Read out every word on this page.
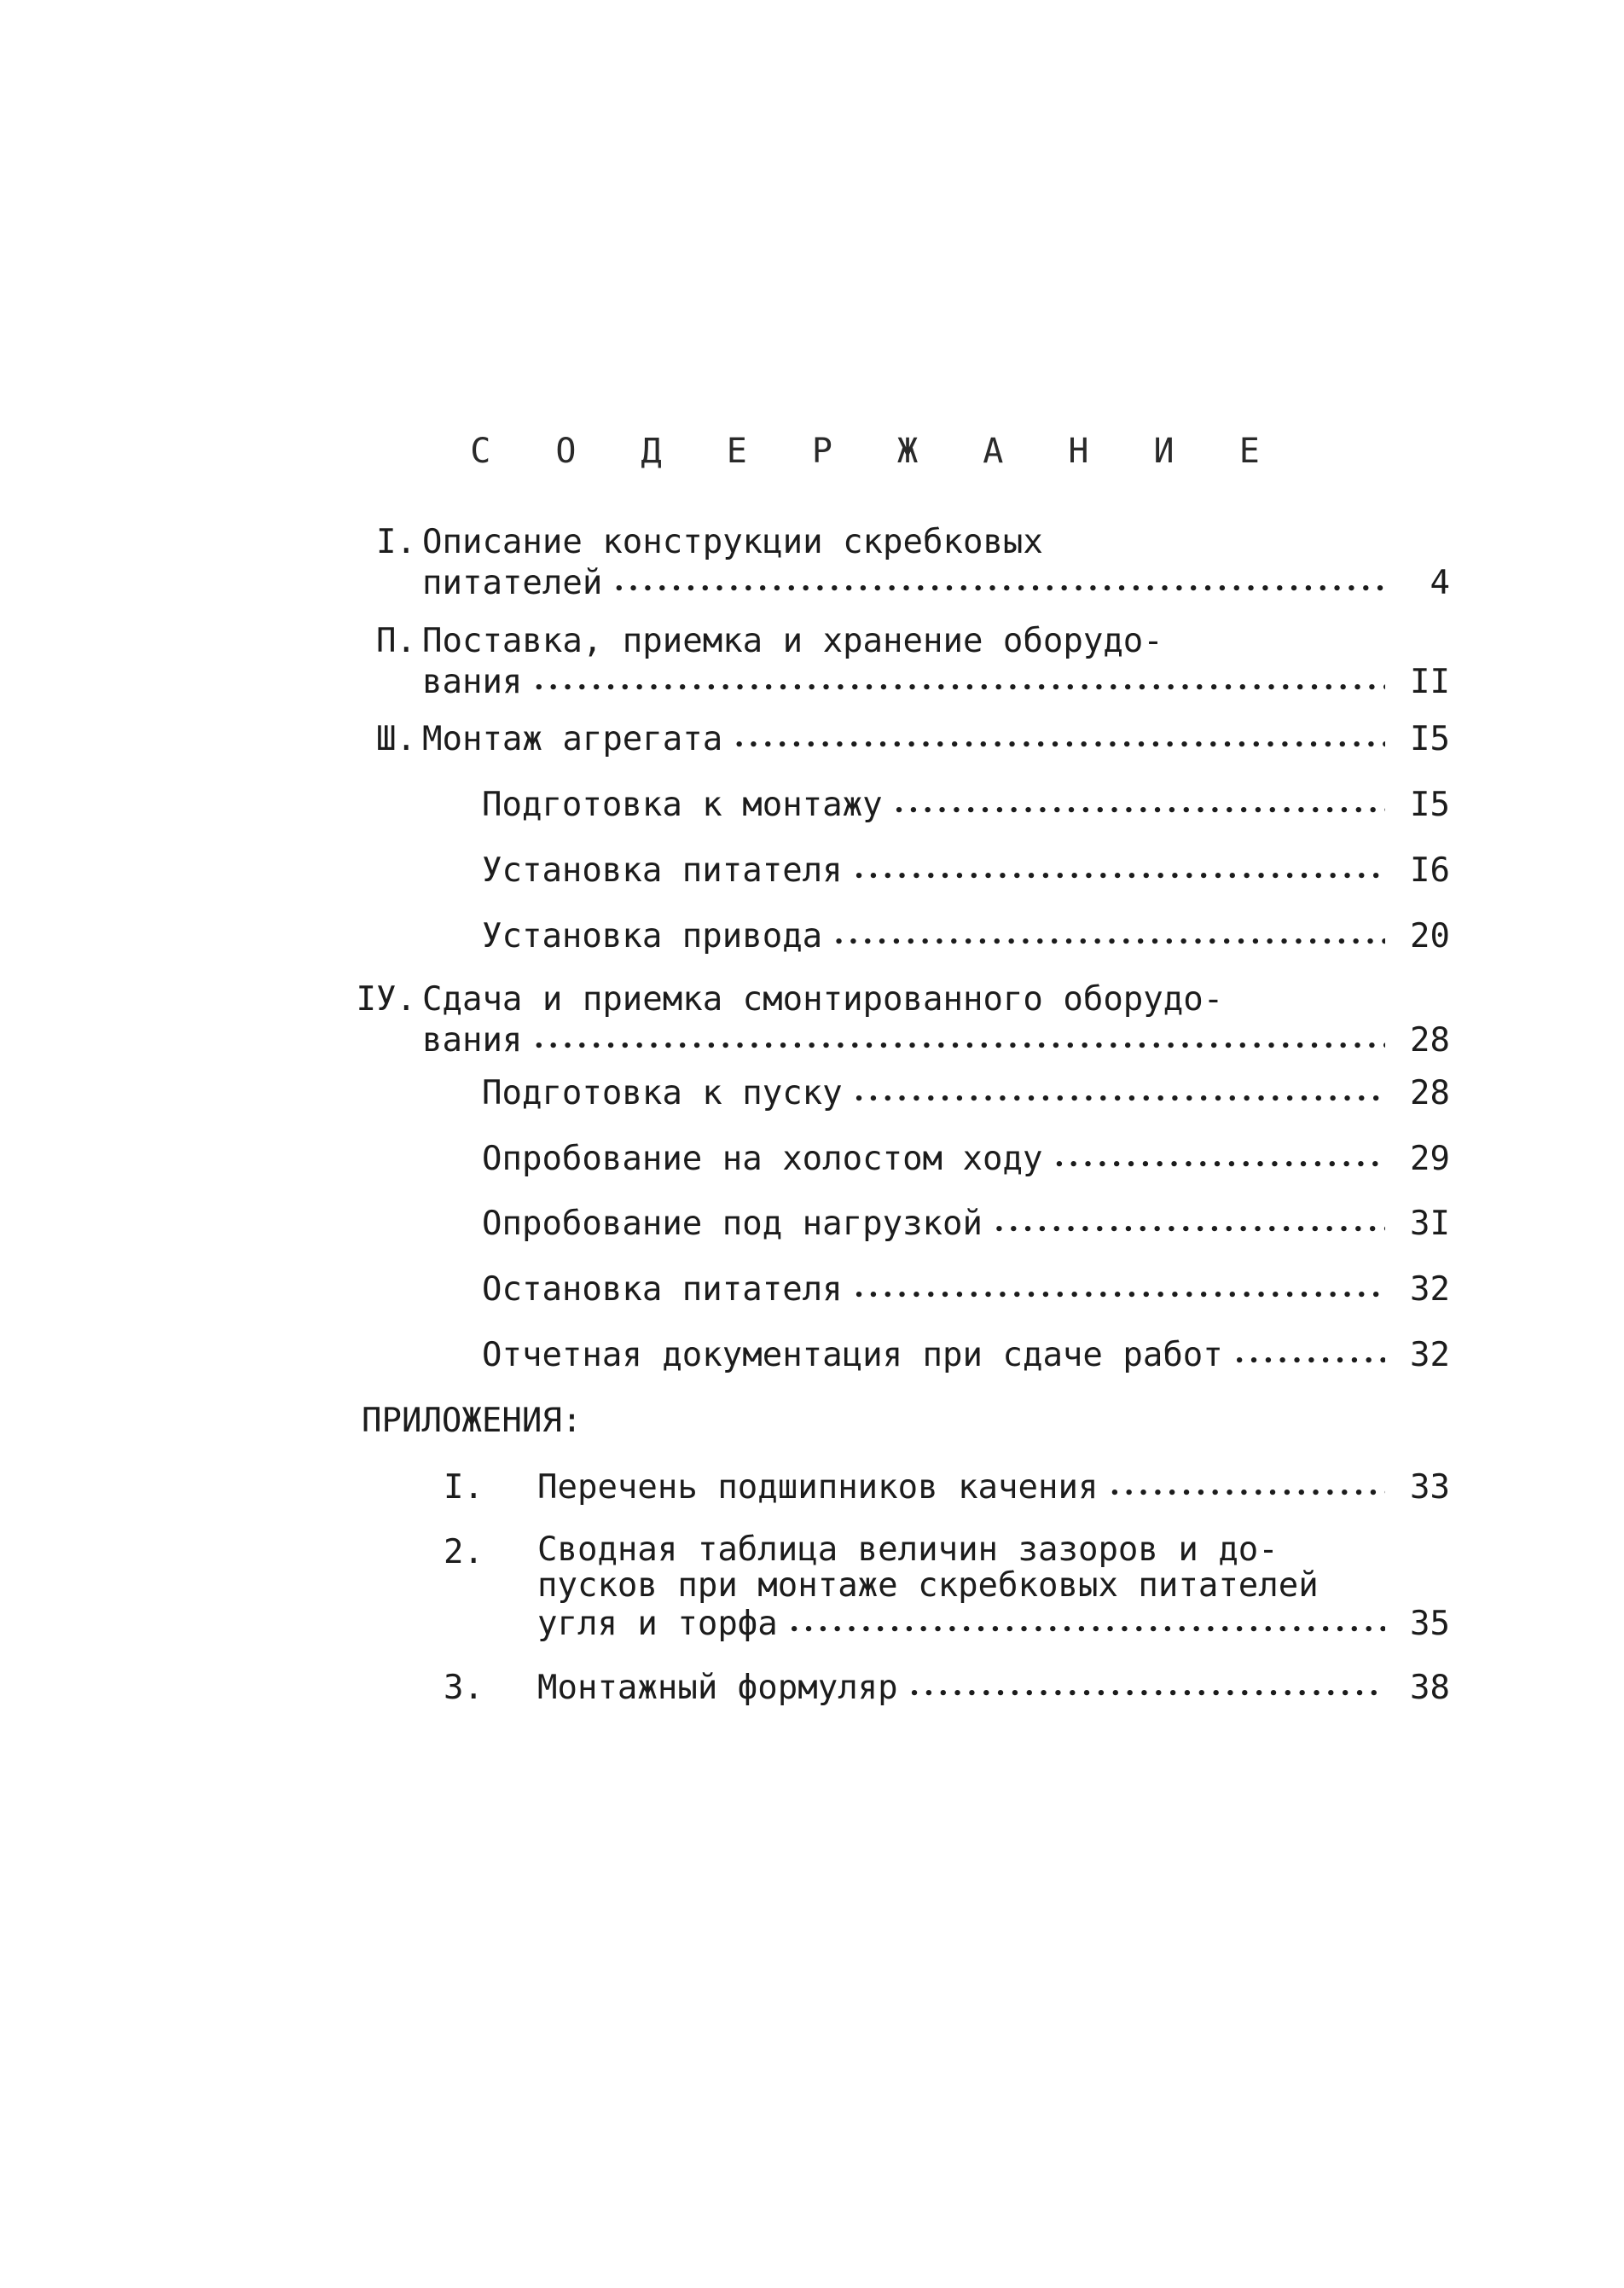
С О Д Е Р Ж А Н И Е
I. Описание конструкции скребковых
питателей •••••	4
П. Поставка, приемка и хранение оборудо-
вания •••••	II
Ш. Монтаж агрегата •••••	I5
Подготовка к монтажу •••••	I5
Установка питателя •••••	I6
Установка привода •••••	20
IУ. Сдача и приемка смонтированного оборудо-
вания •••••	28
Подготовка к пуску •••••	28
Опробование на холостом ходу •••••	29
Опробование под нагрузкой •••••	3I
Остановка питателя •••••	32
Отчетная документация при сдаче работ •••••	32
ПРИЛОЖЕНИЯ:
I.	Перечень подшипников качения •••••	33
2.	Сводная таблица величин зазоров и до-
пусков при монтаже скребковых питателей
угля и торфа •••••	35
3.	Монтажный формуляр •••••	38
